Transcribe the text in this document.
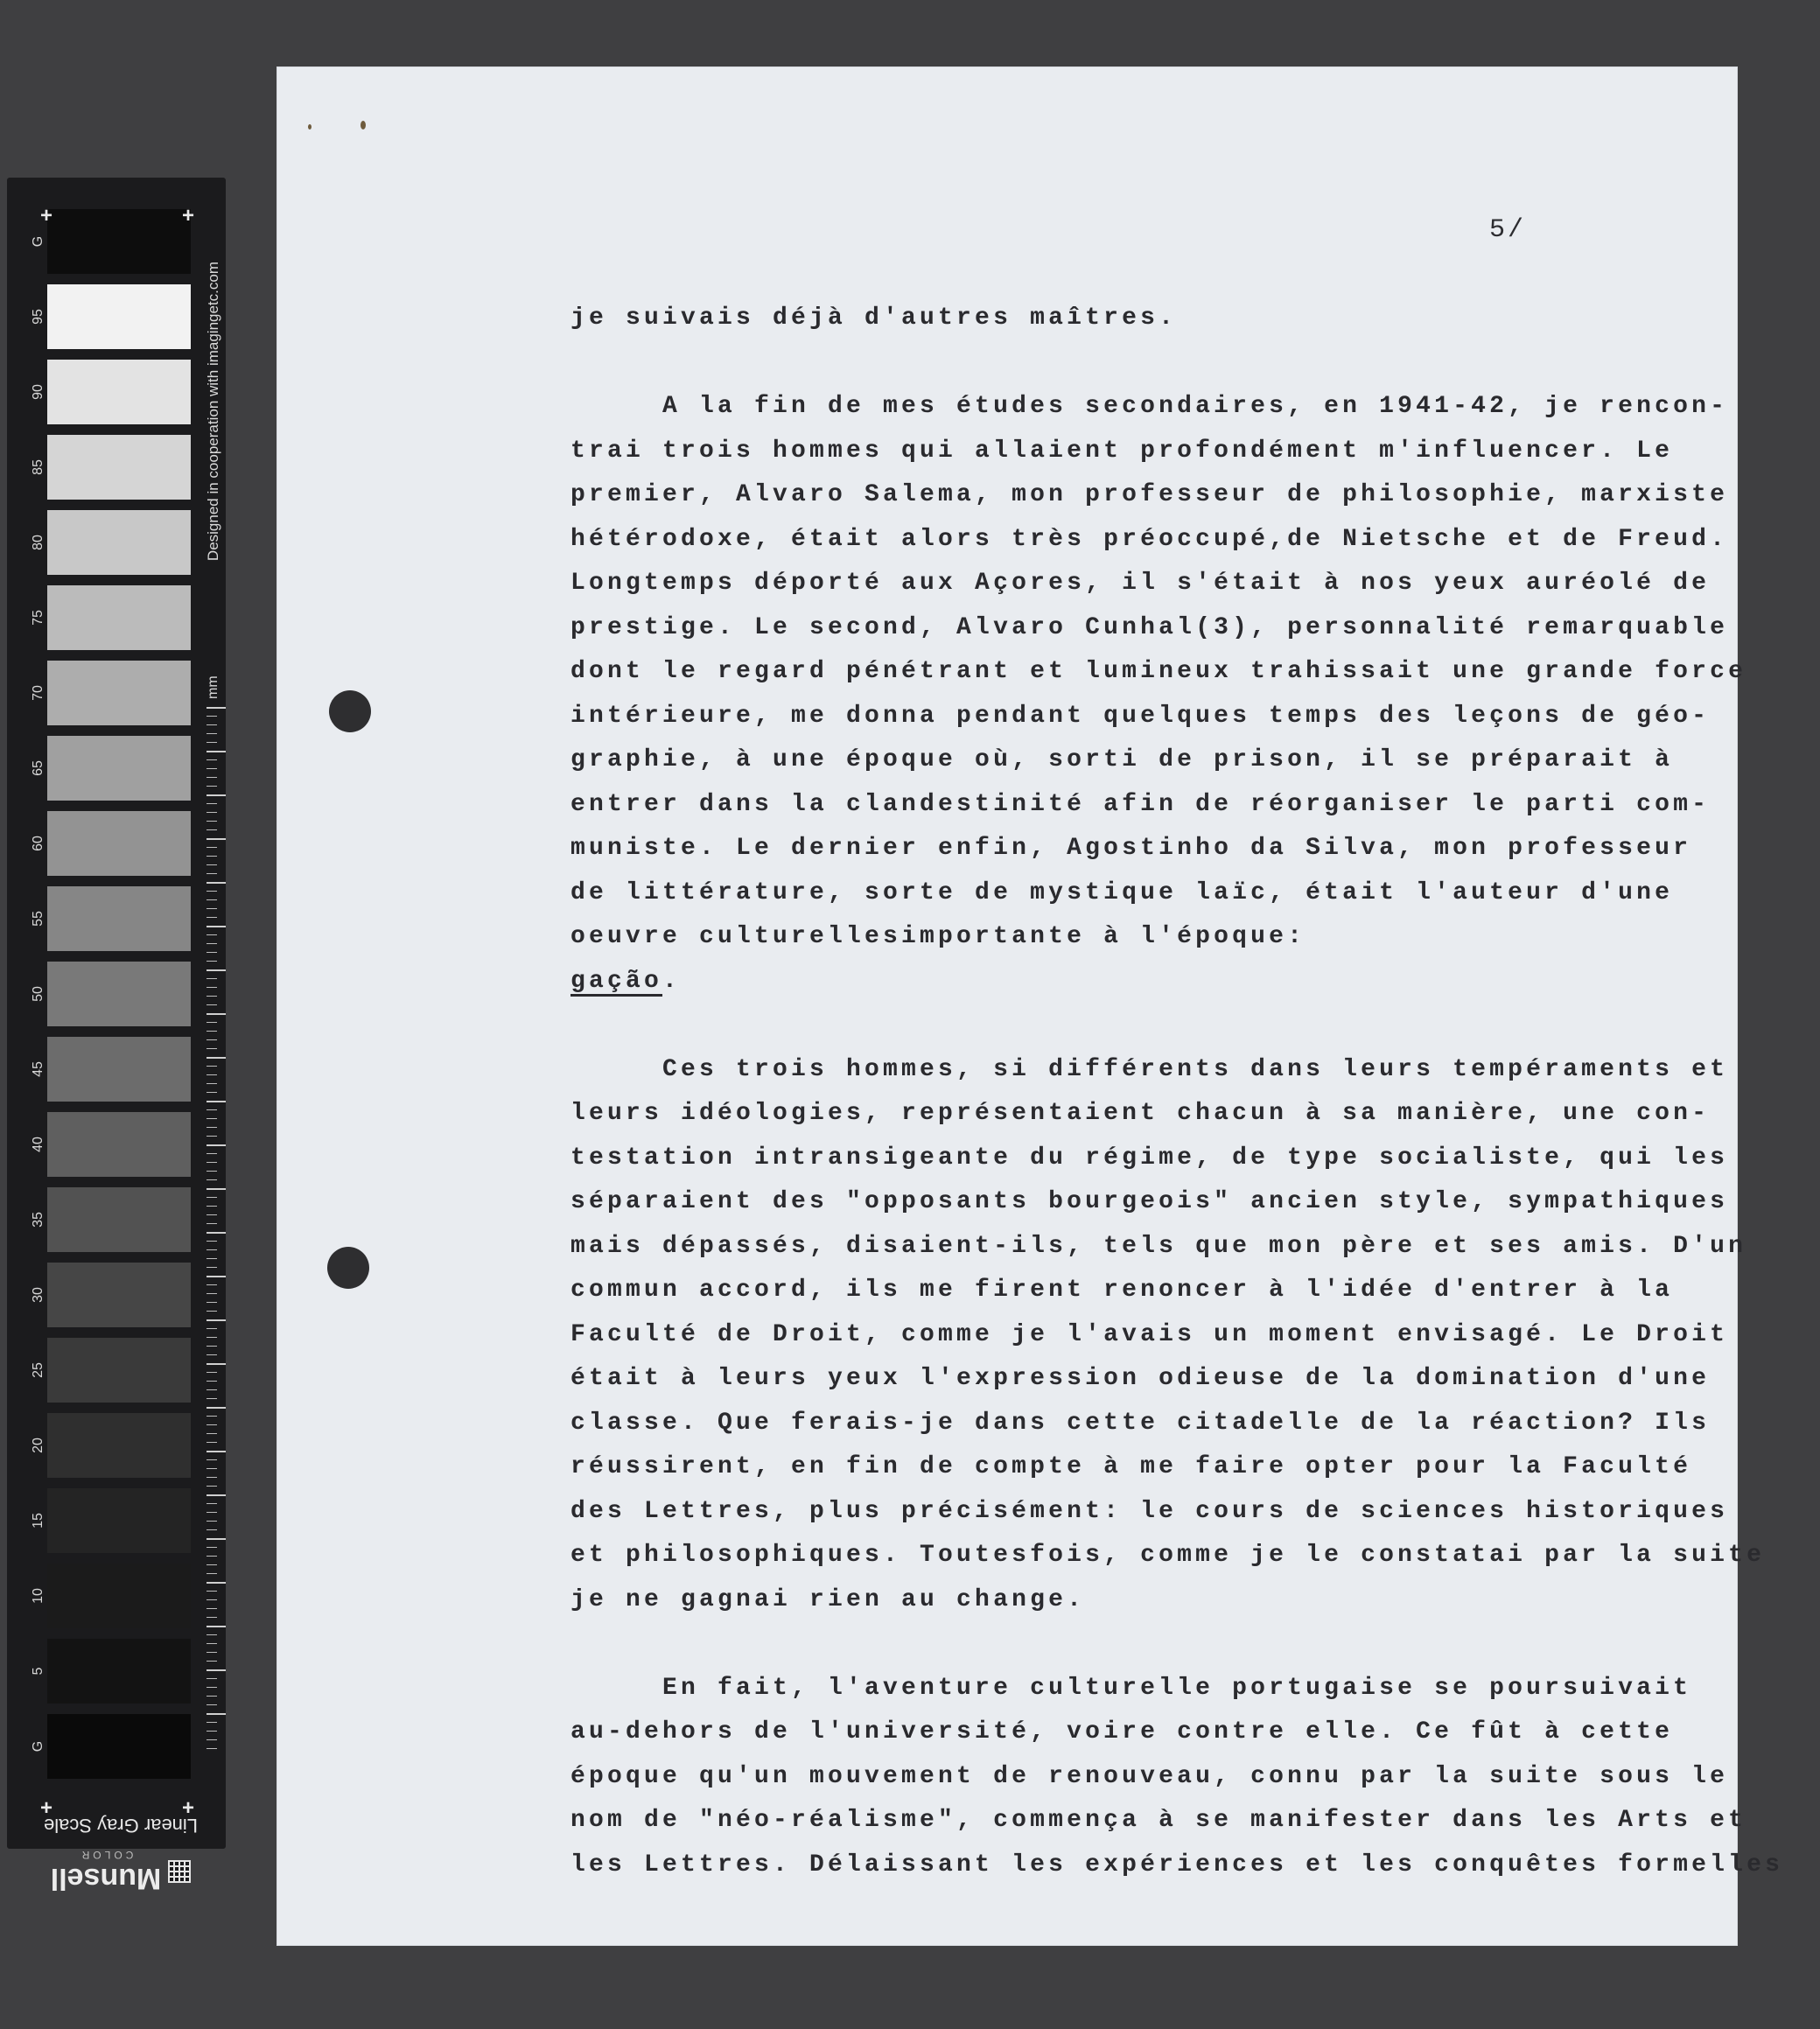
G
95
90
85
80
75
70
65
60
55
50
45
40
35
30
25
20
15
10
5
G
+	+
+	+
Designed in cooperation with imagingetc.com
mm
Linear Gray Scale
Munsell
COLOR
5/
je suivais déjà d'autres maîtres.
A la fin de mes études secondaires, en 1941-42, je rencon-
trai trois hommes qui allaient profondément m'influencer. Le
premier, Alvaro Salema, mon professeur de philosophie, marxiste
hétérodoxe, était alors très préoccupé,de Nietsche et de Freud.
Longtemps déporté aux Açores, il s'était à nos yeux auréolé de
prestige. Le second, Alvaro Cunhal(3), personnalité remarquable
dont le regard pénétrant et lumineux trahissait une grande force
intérieure, me donna pendant quelques temps des leçons de géo-
graphie, à une époque où, sorti de prison, il se préparait à
entrer dans la clandestinité afin de réorganiser le parti com-
muniste. Le dernier enfin, Agostinho da Silva, mon professeur
de littérature, sorte de mystique laïc, était l'auteur d'une
oeuvre culturellesimportante à l'époque:
gação.
Ces trois hommes, si différents dans leurs tempéraments et
leurs idéologies, représentaient chacun à sa manière, une con-
testation intransigeante du régime, de type socialiste, qui les
séparaient des "opposants bourgeois" ancien style, sympathiques
mais dépassés, disaient-ils, tels que mon père et ses amis. D'un
commun accord, ils me firent renoncer à l'idée d'entrer à la
Faculté de Droit, comme je l'avais un moment envisagé. Le Droit
était à leurs yeux l'expression odieuse de la domination d'une
classe. Que ferais-je dans cette citadelle de la réaction? Ils
réussirent, en fin de compte à me faire opter pour la Faculté
des Lettres, plus précisément: le cours de sciences historiques
et philosophiques. Toutesfois, comme je le constatai par la suite
je ne gagnai rien au change.
En fait, l'aventure culturelle portugaise se poursuivait
au-dehors de l'université, voire contre elle. Ce fût à cette
époque qu'un mouvement de renouveau, connu par la suite sous le
nom de "néo-réalisme", commença à se manifester dans les Arts et
les Lettres. Délaissant les expériences et les conquêtes formelles
